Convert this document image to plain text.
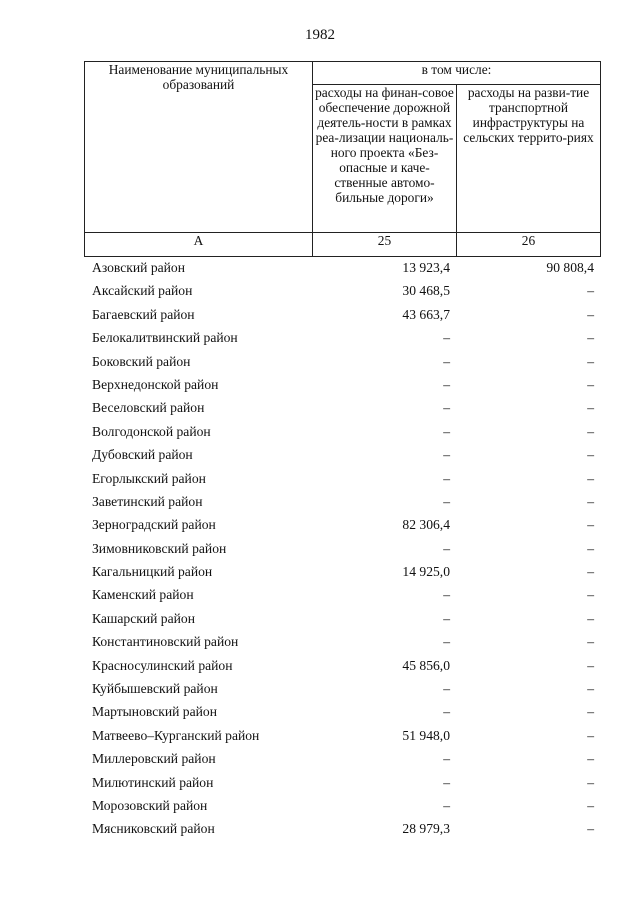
1982
Наименование муниципальных образований	в том числе:	
	расходы на финан-совое обеспечение дорожной деятель-ности в рамках реа-лизации националь-ного проекта «Без-опасные и каче-ственные автомо-бильные дороги»	расходы на разви-тие транспортной инфраструктуры на сельских террито-риях
А	25	26
Азовский район	13 923,4	90 808,4
Аксайский район	30 468,5	–
Багаевский район	43 663,7	–
Белокалитвинский район	–	–
Боковский район	–	–
Верхнедонской район	–	–
Веселовский район	–	–
Волгодонской район	–	–
Дубовский район	–	–
Егорлыкский район	–	–
Заветинский район	–	–
Зерноградский район	82 306,4	–
Зимовниковский район	–	–
Кагальницкий район	14 925,0	–
Каменский район	–	–
Кашарский район	–	–
Константиновский район	–	–
Красносулинский район	45 856,0	–
Куйбышевский район	–	–
Мартыновский район	–	–
Матвеево–Курганский район	51 948,0	–
Миллеровский район	–	–
Милютинский район	–	–
Морозовский район	–	–
Мясниковский район	28 979,3	–
